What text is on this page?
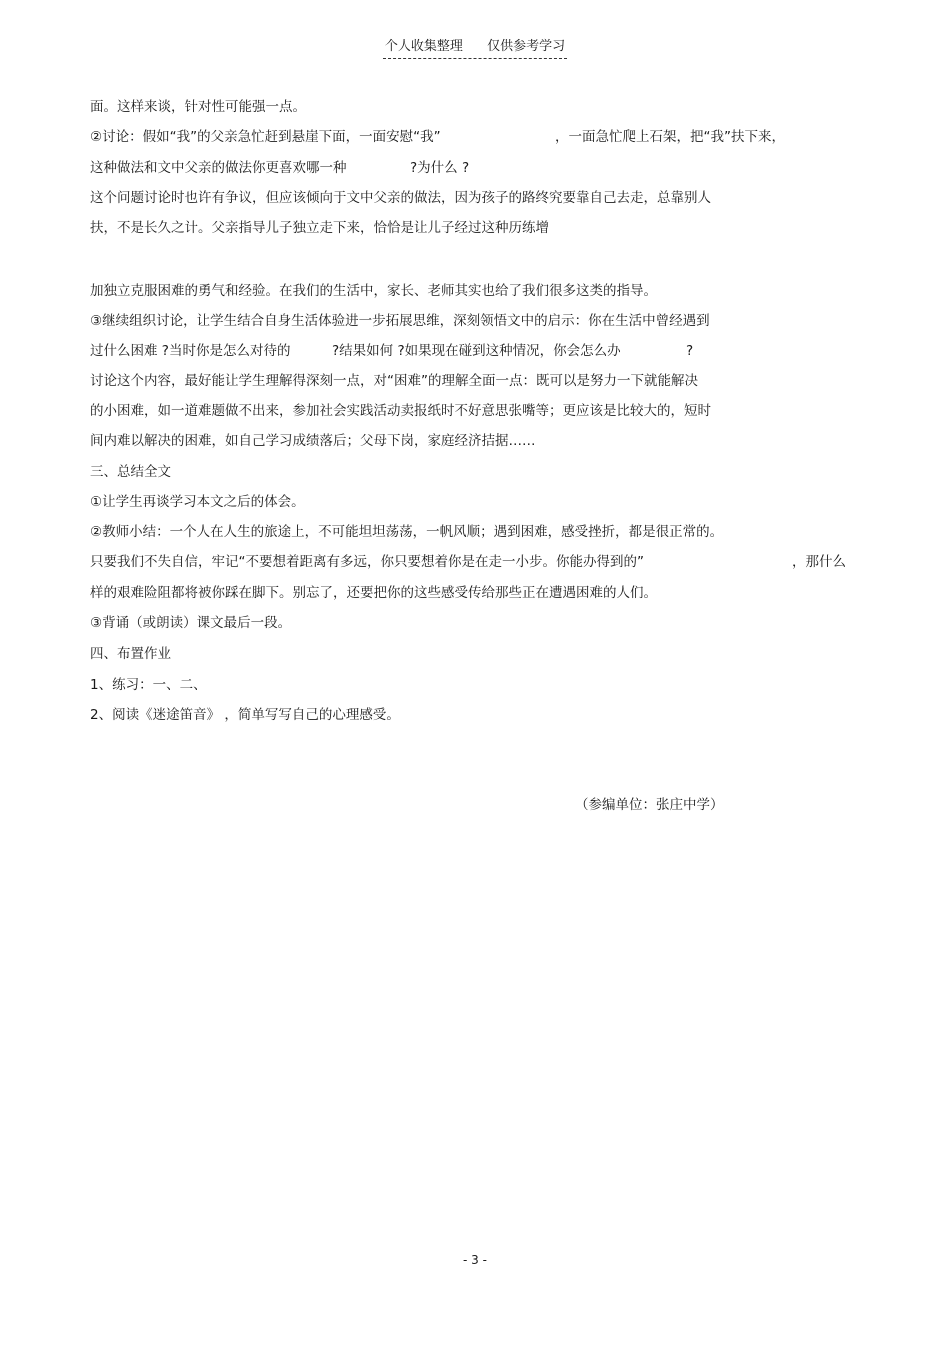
个人收集整理 仅供参考学习
面。这样来谈，针对性可能强一点。
②讨论：假如“我”的父亲急忙赶到悬崖下面，一面安慰“我”	，一面急忙爬上石架，把“我”扶下来，
这种做法和文中父亲的做法你更喜欢哪一种	?为什么 ?
这个问题讨论时也许有争议，但应该倾向于文中父亲的做法，因为孩子的路终究要靠自己去走，总靠别人
扶，不是长久之计。父亲指导儿子独立走下来，恰恰是让儿子经过这种历练增
加独立克服困难的勇气和经验。在我们的生活中，家长、老师其实也给了我们很多这类的指导。
③继续组织讨论，让学生结合自身生活体验进一步拓展思维，深刻领悟文中的启示：你在生活中曾经遇到
过什么困难 ?当时你是怎么对待的	?结果如何 ?如果现在碰到这种情况，你会怎么办	?
讨论这个内容，最好能让学生理解得深刻一点，对“困难”的理解全面一点：既可以是努力一下就能解决
的小困难，如一道难题做不出来，参加社会实践活动卖报纸时不好意思张嘴等；更应该是比较大的，短时
间内难以解决的困难，如自己学习成绩落后；父母下岗，家庭经济拮据……
三、总结全文
①让学生再谈学习本文之后的体会。
②教师小结：一个人在人生的旅途上，不可能坦坦荡荡，一帆风顺；遇到困难，感受挫折，都是很正常的。
只要我们不失自信，牢记“不要想着距离有多远，你只要想着你是在走一小步。你能办得到的”	，那什么
样的艰难险阻都将被你踩在脚下。别忘了，还要把你的这些感受传给那些正在遭遇困难的人们。
③背诵（或朗读）课文最后一段。
四、布置作业
1、练习：一、二、
2、阅读《迷途笛音》 ，简单写写自己的心理感受。
（参编单位：张庄中学）
- 3 -
